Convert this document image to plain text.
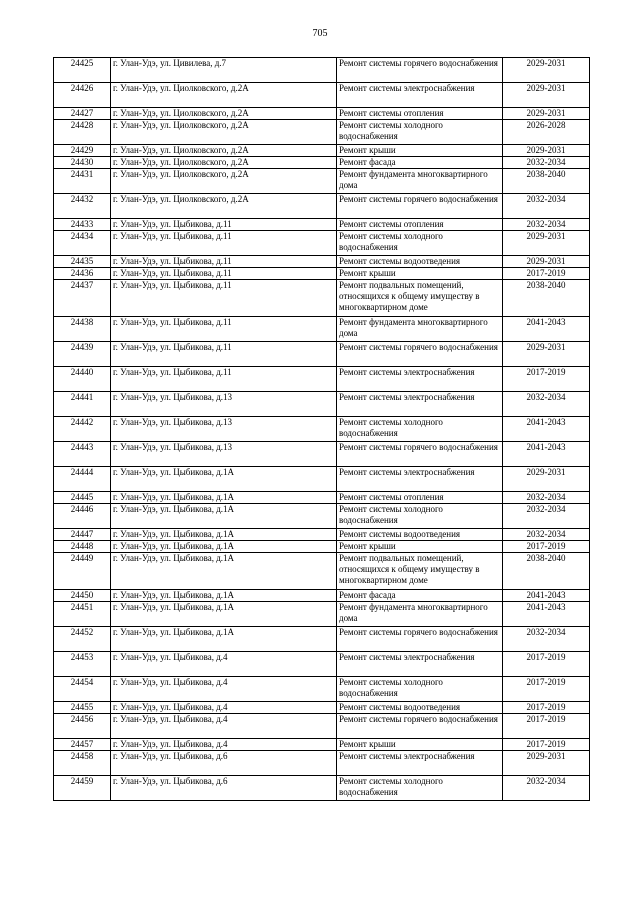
705
24425	г. Улан-Удэ, ул. Цивилева, д.7	Ремонт системы горячего водоснабжения	2029-2031
24426	г. Улан-Удэ, ул. Циолковского, д.2А	Ремонт системы электроснабжения	2029-2031
24427	г. Улан-Удэ, ул. Циолковского, д.2А	Ремонт системы отопления	2029-2031
24428	г. Улан-Удэ, ул. Циолковского, д.2А	Ремонт системы холодного водоснабжения	2026-2028
24429	г. Улан-Удэ, ул. Циолковского, д.2А	Ремонт крыши	2029-2031
24430	г. Улан-Удэ, ул. Циолковского, д.2А	Ремонт фасада	2032-2034
24431	г. Улан-Удэ, ул. Циолковского, д.2А	Ремонт фундамента многоквартирного дома	2038-2040
24432	г. Улан-Удэ, ул. Циолковского, д.2А	Ремонт системы горячего водоснабжения	2032-2034
24433	г. Улан-Удэ, ул. Цыбикова, д.11	Ремонт системы отопления	2032-2034
24434	г. Улан-Удэ, ул. Цыбикова, д.11	Ремонт системы холодного водоснабжения	2029-2031
24435	г. Улан-Удэ, ул. Цыбикова, д.11	Ремонт системы водоотведения	2029-2031
24436	г. Улан-Удэ, ул. Цыбикова, д.11	Ремонт крыши	2017-2019
24437	г. Улан-Удэ, ул. Цыбикова, д.11	Ремонт подвальных помещений, относящихся к общему имуществу в многоквартирном доме	2038-2040
24438	г. Улан-Удэ, ул. Цыбикова, д.11	Ремонт фундамента многоквартирного дома	2041-2043
24439	г. Улан-Удэ, ул. Цыбикова, д.11	Ремонт системы горячего водоснабжения	2029-2031
24440	г. Улан-Удэ, ул. Цыбикова, д.11	Ремонт системы электроснабжения	2017-2019
24441	г. Улан-Удэ, ул. Цыбикова, д.13	Ремонт системы электроснабжения	2032-2034
24442	г. Улан-Удэ, ул. Цыбикова, д.13	Ремонт системы холодного водоснабжения	2041-2043
24443	г. Улан-Удэ, ул. Цыбикова, д.13	Ремонт системы горячего водоснабжения	2041-2043
24444	г. Улан-Удэ, ул. Цыбикова, д.1А	Ремонт системы электроснабжения	2029-2031
24445	г. Улан-Удэ, ул. Цыбикова, д.1А	Ремонт системы отопления	2032-2034
24446	г. Улан-Удэ, ул. Цыбикова, д.1А	Ремонт системы холодного водоснабжения	2032-2034
24447	г. Улан-Удэ, ул. Цыбикова, д.1А	Ремонт системы водоотведения	2032-2034
24448	г. Улан-Удэ, ул. Цыбикова, д.1А	Ремонт крыши	2017-2019
24449	г. Улан-Удэ, ул. Цыбикова, д.1А	Ремонт подвальных помещений, относящихся к общему имуществу в многоквартирном доме	2038-2040
24450	г. Улан-Удэ, ул. Цыбикова, д.1А	Ремонт фасада	2041-2043
24451	г. Улан-Удэ, ул. Цыбикова, д.1А	Ремонт фундамента многоквартирного дома	2041-2043
24452	г. Улан-Удэ, ул. Цыбикова, д.1А	Ремонт системы горячего водоснабжения	2032-2034
24453	г. Улан-Удэ, ул. Цыбикова, д.4	Ремонт системы электроснабжения	2017-2019
24454	г. Улан-Удэ, ул. Цыбикова, д.4	Ремонт системы холодного водоснабжения	2017-2019
24455	г. Улан-Удэ, ул. Цыбикова, д.4	Ремонт системы водоотведения	2017-2019
24456	г. Улан-Удэ, ул. Цыбикова, д.4	Ремонт системы горячего водоснабжения	2017-2019
24457	г. Улан-Удэ, ул. Цыбикова, д.4	Ремонт крыши	2017-2019
24458	г. Улан-Удэ, ул. Цыбикова, д.6	Ремонт системы электроснабжения	2029-2031
24459	г. Улан-Удэ, ул. Цыбикова, д.6	Ремонт системы холодного водоснабжения	2032-2034
